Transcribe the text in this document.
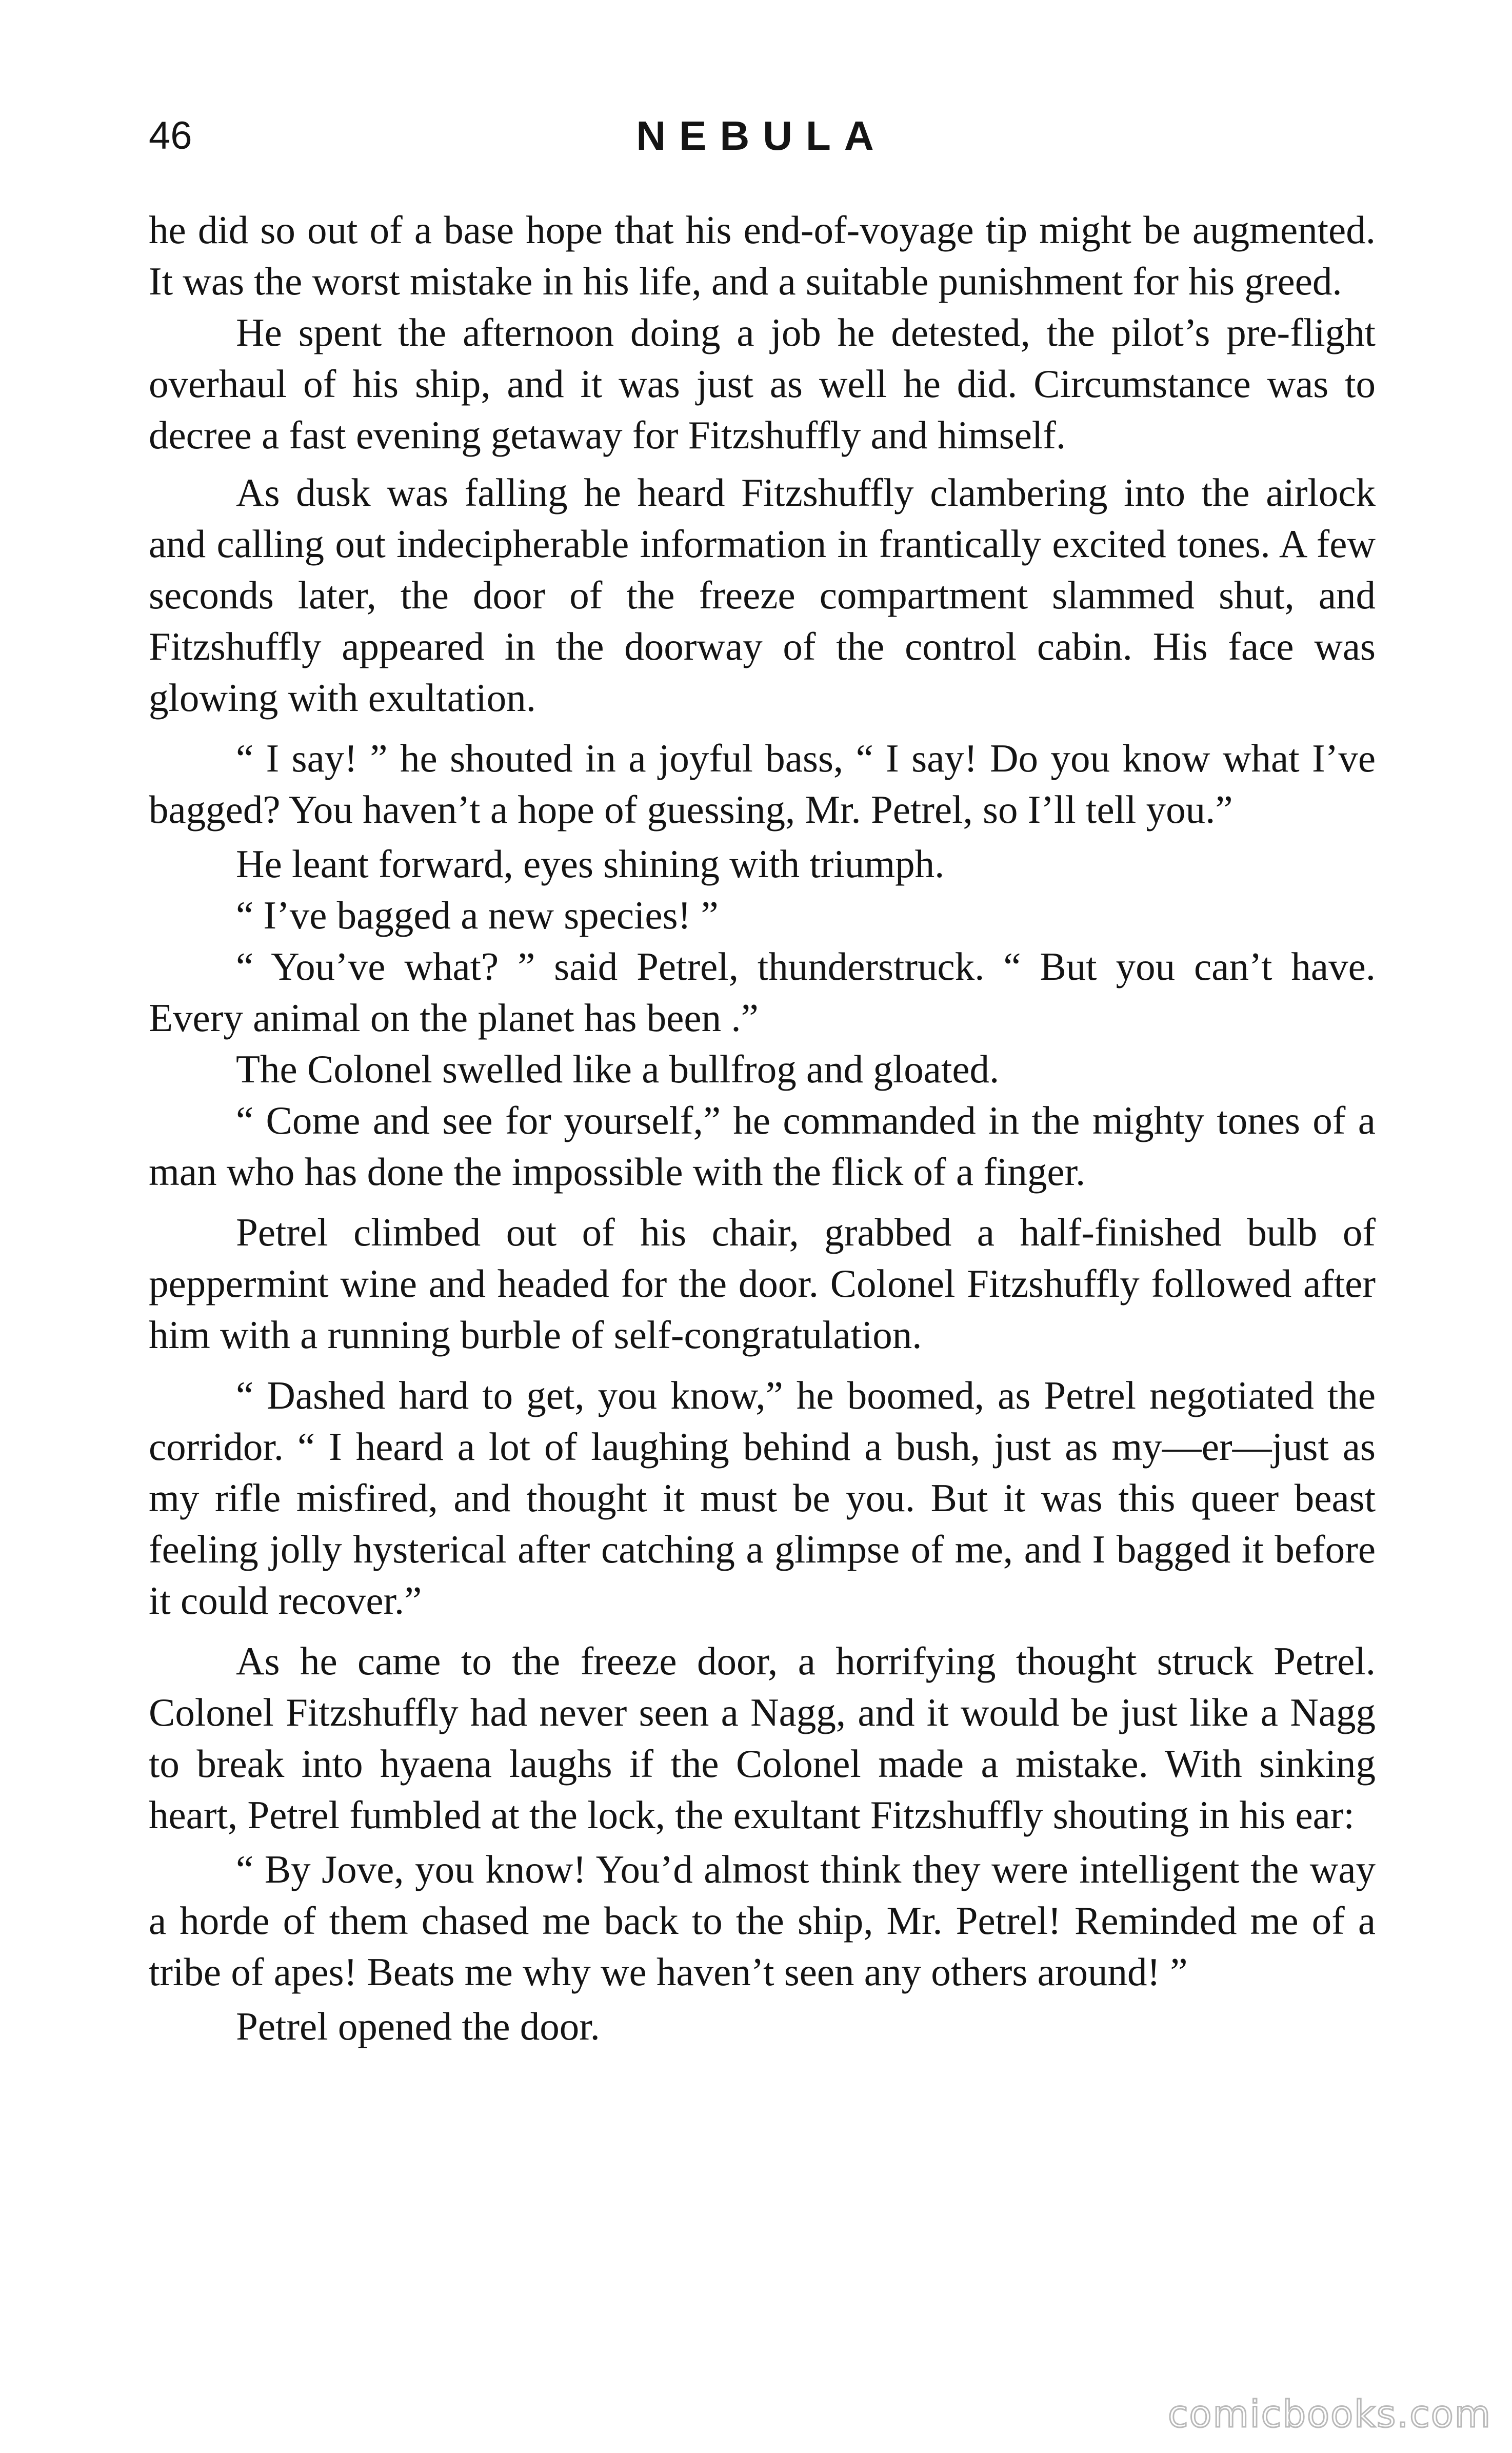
46	NEBULA

he did so out of a base hope that his end-of-voyage tip might be augmented. It was the worst mistake in his life, and a suitable punishment for his greed.

He spent the afternoon doing a job he detested, the pilot’s pre-flight overhaul of his ship, and it was just as well he did. Circumstance was to decree a fast evening getaway for Fitzshuffly and himself.

As dusk was falling he heard Fitzshuffly clambering into the airlock and calling out indecipherable information in frantically excited tones. A few seconds later, the door of the freeze compartment slammed shut, and Fitzshuffly appeared in the doorway of the control cabin. His face was glowing with exultation.

“ I say! ” he shouted in a joyful bass, “ I say! Do you know what I’ve bagged? You haven’t a hope of guessing, Mr. Petrel, so I’ll tell you.”

He leant forward, eyes shining with triumph.

“ I’ve bagged a new species! ”

“ You’ve what? ” said Petrel, thunderstruck. “ But you can’t have. Every animal on the planet has been .”

The Colonel swelled like a bullfrog and gloated.

“ Come and see for yourself,” he commanded in the mighty tones of a man who has done the impossible with the flick of a finger.

Petrel climbed out of his chair, grabbed a half-finished bulb of peppermint wine and headed for the door. Colonel Fitzshuffly followed after him with a running burble of self-congratulation.

“ Dashed hard to get, you know,” he boomed, as Petrel negotiated the corridor. “ I heard a lot of laughing behind a bush, just as my—er—just as my rifle misfired, and thought it must be you. But it was this queer beast feeling jolly hysterical after catching a glimpse of me, and I bagged it before it could recover.”

As he came to the freeze door, a horrifying thought struck Petrel. Colonel Fitzshuffly had never seen a Nagg, and it would be just like a Nagg to break into hyaena laughs if the Colonel made a mistake. With sinking heart, Petrel fumbled at the lock, the exultant Fitzshuffly shouting in his ear:

“ By Jove, you know! You’d almost think they were intelligent the way a horde of them chased me back to the ship, Mr. Petrel! Reminded me of a tribe of apes! Beats me why we haven’t seen any others around! ”

Petrel opened the door.

comicbooks.com
